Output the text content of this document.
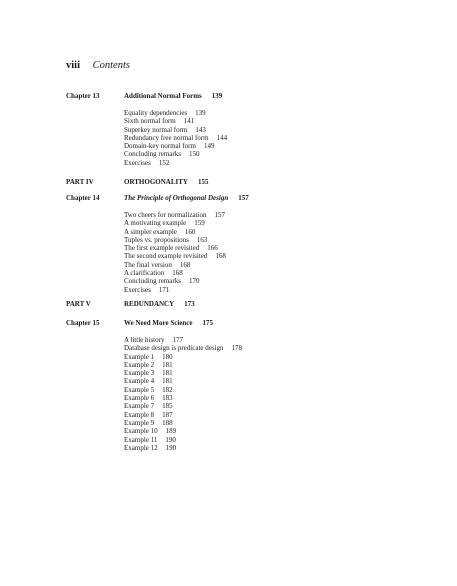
viii Contents
Chapter 13	Additional Normal Forms 139
Equality dependencies 139
Sixth normal form 141
Superkey normal form 143
Redundancy free normal form 144
Domain-key normal form 149
Concluding remarks 150
Exercises 152
PART IV	ORTHOGONALITY 155
Chapter 14	The Principle of Orthogonal Design 157
Two cheers for normalization 157
A motivating example 159
A simpler example 160
Tuples vs. propositions 163
The first example revisited 166
The second example revisited 168
The final version 168
A clarification 168
Concluding remarks 170
Exercises 171
PART V	REDUNDANCY 173
Chapter 15	We Need More Science 175
A little history 177
Database design is predicate design 178
Example 1 180
Example 2 181
Example 3 181
Example 4 181
Example 5 182
Example 6 183
Example 7 185
Example 8 187
Example 9 188
Example 10 189
Example 11 190
Example 12 190
